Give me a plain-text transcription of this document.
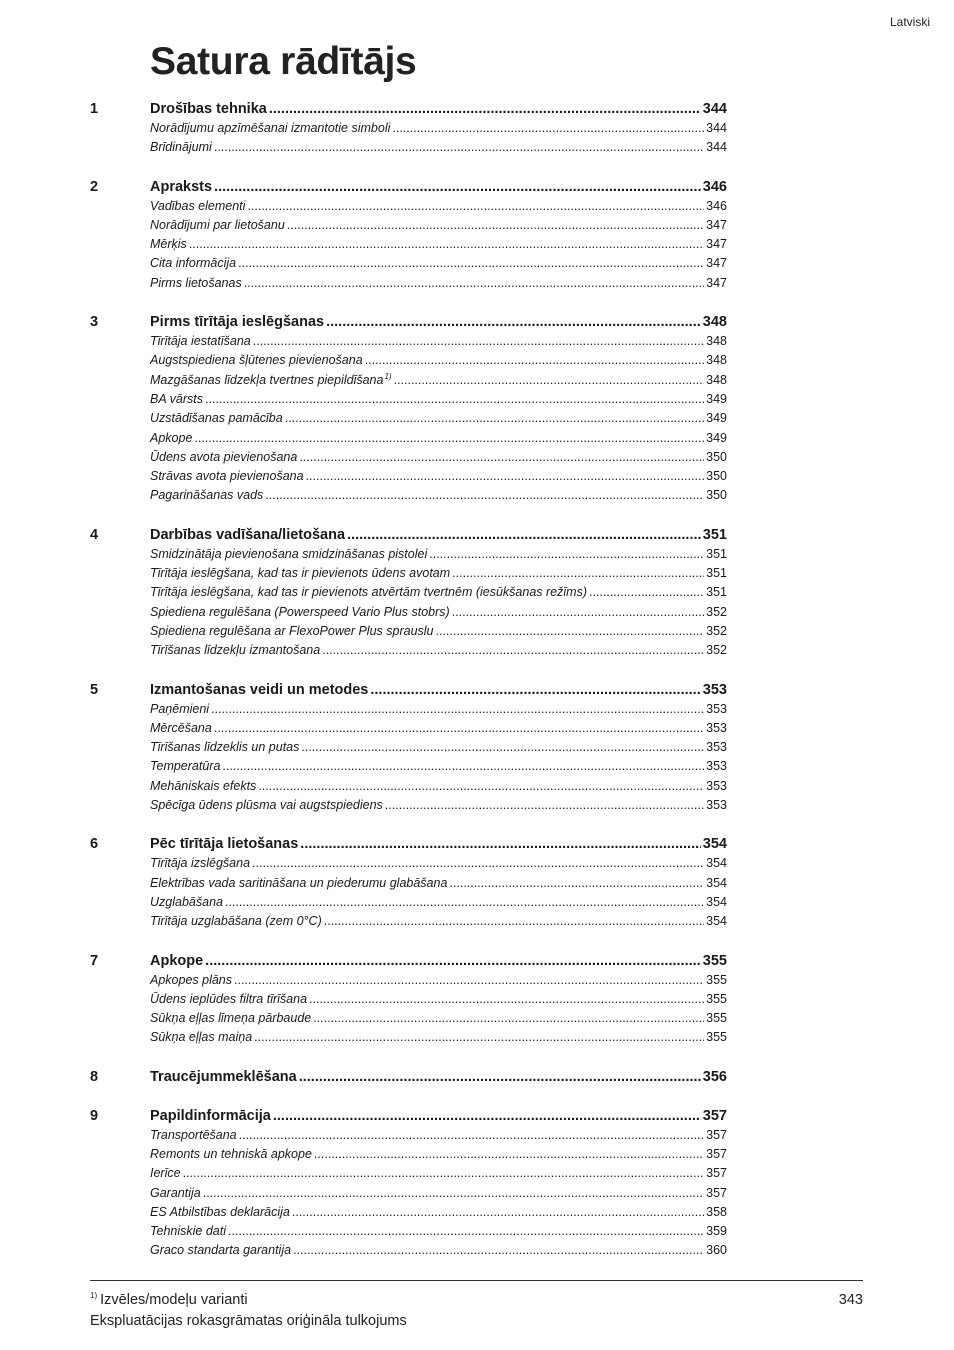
Latviski
Satura rādītājs
1	Drošības tehnika .....	344
Norādījumu apzīmēšanai izmantotie simboli .....	344
Brīdinājumi .....	344
2	Apraksts .....	346
Vadības elementi .....	346
Norādījumi par lietošanu .....	347
Mērķis .....	347
Cita informācija .....	347
Pirms lietošanas .....	347
3	Pirms tīrītāja ieslēgšanas .....	348
Tīrītāja iestatīšana .....	348
Augstspiediena šļūtenes pievienošana .....	348
Mazgāšanas līdzekļa tvertnes piepildīšana$^{1)}$ .....	348
BA vārsts .....	349
Uzstādīšanas pamācība .....	349
Apkope .....	349
Ūdens avota pievienošana .....	350
Strāvas avota pievienošana .....	350
Pagarināšanas vads .....	350
4	Darbības vadīšana/lietošana .....	351
Smidzinātāja pievienošana smidzināšanas pistolei .....	351
Tīrītāja ieslēgšana, kad tas ir pievienots ūdens avotam .....	351
Tīrītāja ieslēgšana, kad tas ir pievienots atvērtām tvertnēm (iesūkšanas režīms) .....	351
Spiediena regulēšana (Powerspeed Vario Plus stobrs) .....	352
Spiediena regulēšana ar FlexoPower Plus sprauslu .....	352
Tīrīšanas līdzekļu izmantošana .....	352
5	Izmantošanas veidi un metodes .....	353
Paņēmieni .....	353
Mērcēšana .....	353
Tīrīšanas līdzeklis un putas .....	353
Temperatūra .....	353
Mehāniskais efekts .....	353
Spēcīga ūdens plūsma vai augstspiediens .....	353
6	Pēc tīrītāja lietošanas .....	354
Tīrītāja izslēgšana .....	354
Elektrības vada saritināšana un piederumu glabāšana .....	354
Uzglabāšana .....	354
Tīrītāja uzglabāšana (zem 0°C) .....	354
7	Apkope .....	355
Apkopes plāns .....	355
Ūdens ieplūdes filtra tīrīšana .....	355
Sūkņa eļļas līmeņa pārbaude .....	355
Sūkņa eļļas maiņa .....	355
8	Traucējummeklēšana .....	356
9	Papildinformācija .....	357
Transportēšana .....	357
Remonts un tehniskā apkope .....	357
Ierīce .....	357
Garantija .....	357
ES Atbilstības deklarācija .....	358
Tehniskie dati .....	359
Graco standarta garantija .....	360
$^{1)}$ Izvēles/modeļu varianti
Ekspluatācijas rokasgrāmatas oriģināla tulkojums
343
